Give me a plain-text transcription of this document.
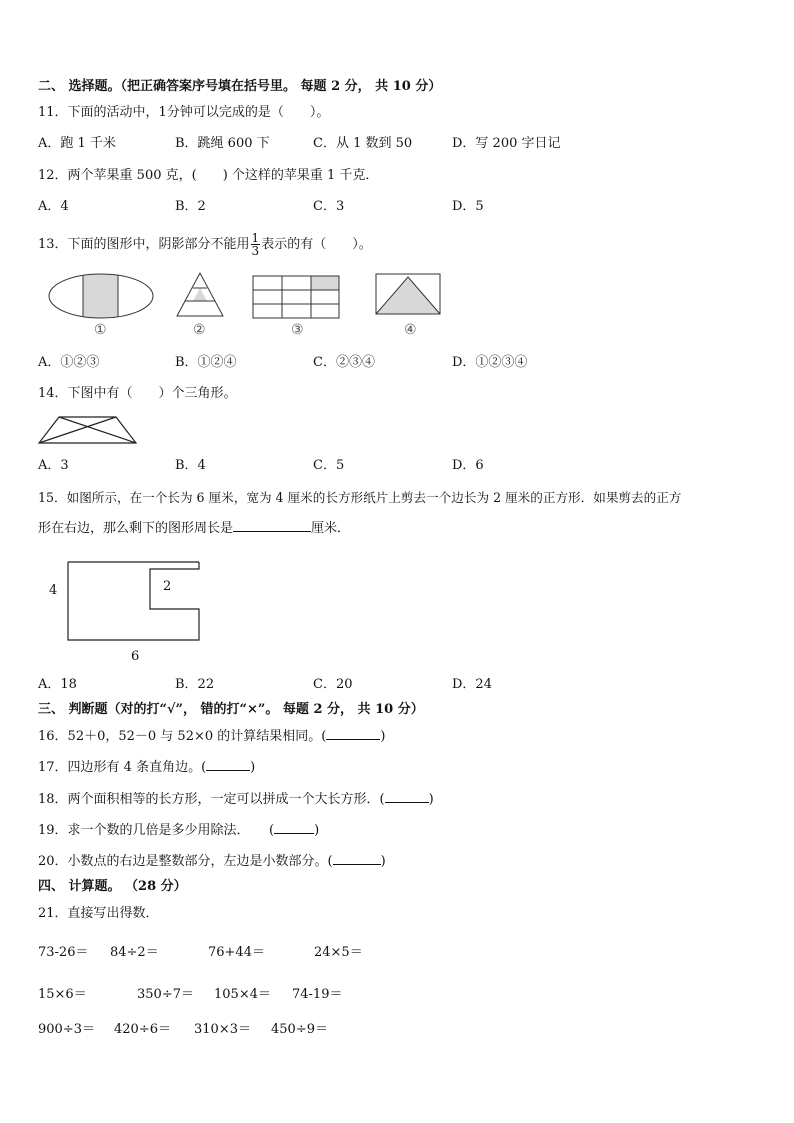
二、 选择题。（把正确答案序号填在括号里。 每题 2 分， 共 10 分）
11．下面的活动中，1分钟可以完成的是（　　）。
A．跑 1 千米	B．跳绳 600 下	C．从 1 数到 50	D．写 200 字日记
12．两个苹果重 500 克，(　　) 个这样的苹果重 1 千克．
A．4	B．2	C．3	D．5
13．下面的图形中，阴影部分不能用 $\frac{1}{3}$ 表示的有（　　）。
①	②	③	④
A．①②③	B．①②④	C．②③④	D．①②③④
14．下图中有（　　）个三角形。
A．3	B．4	C．5	D．6
15．如图所示，在一个长为 6 厘米，宽为 4 厘米的长方形纸片上剪去一个边长为 2 厘米的正方形．如果剪去的正方
形在右边，那么剩下的图形周长是	厘米．
4	2
6
A．18	B．22	C．20	D．24
三、 判断题（对的打“√”， 错的打“×”。 每题 2 分， 共 10 分）
16．52＋0，52－0 与 52×0 的计算结果相同。(	)
17．四边形有 4 条直角边。(	)
18．两个面积相等的长方形，一定可以拼成一个大长方形．(	)
19．求一个数的几倍是多少用除法．　　(	)
20．小数点的右边是整数部分，左边是小数部分。(	)
四、 计算题。 （28 分）
21．直接写出得数．
73-26＝ 84÷2＝	76+44＝	24×5＝
15×6＝	350÷7＝ 105×4＝ 74-19＝
900÷3＝ 420÷6＝ 310×3＝ 450÷9＝
